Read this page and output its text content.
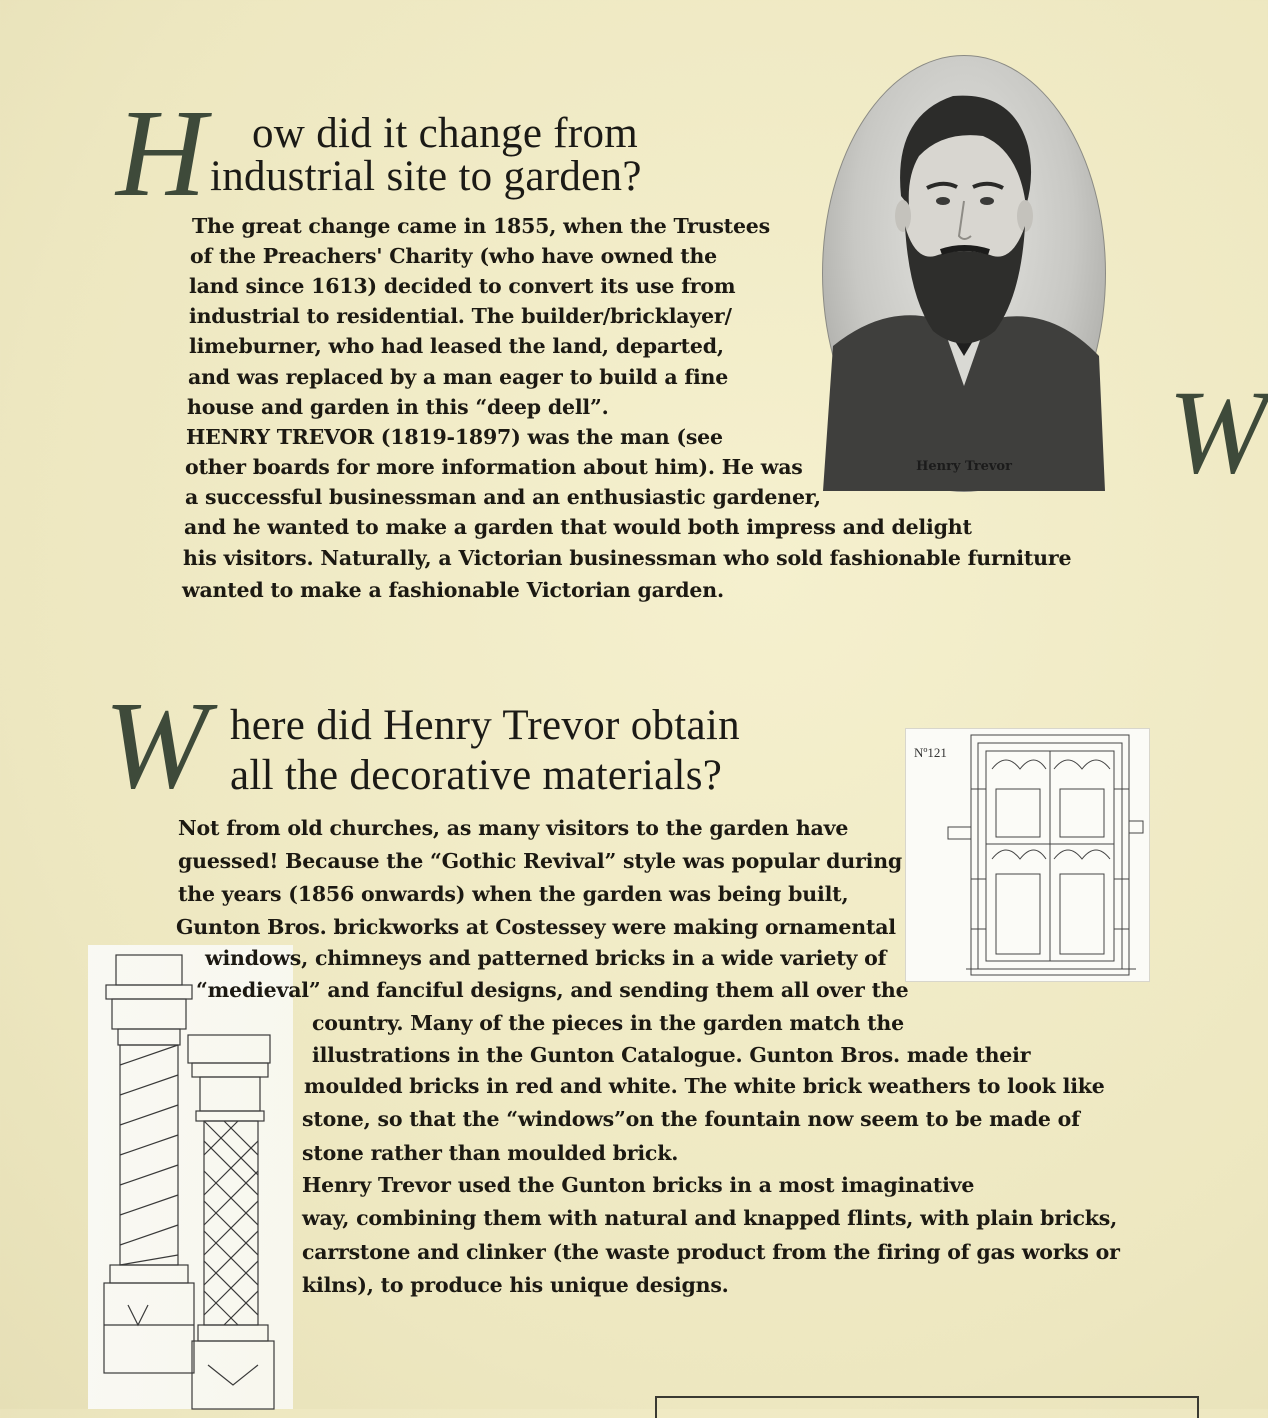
H ow did it change from
industrial site to garden?
The great change came in 1855, when the Trustees
of the Preachers' Charity (who have owned the
land since 1613) decided to convert its use from
industrial to residential. The builder/bricklayer/
limeburner, who had leased the land, departed,
and was replaced by a man eager to build a fine
house and garden in this “deep dell”.
HENRY TREVOR (1819-1897) was the man (see
other boards for more information about him). He was
a successful businessman and an enthusiastic gardener,
and he wanted to make a garden that would both impress and delight
his visitors. Naturally, a Victorian businessman who sold fashionable furniture
wanted to make a fashionable Victorian garden.
Henry Trevor	W
W here did Henry Trevor obtain
all the decorative materials?	Nº121
Not from old churches, as many visitors to the garden have
guessed! Because the “Gothic Revival” style was popular during
the years (1856 onwards) when the garden was being built,
Gunton Bros. brickworks at Costessey were making ornamental
windows, chimneys and patterned bricks in a wide variety of
“medieval” and fanciful designs, and sending them all over the
country. Many of the pieces in the garden match the
illustrations in the Gunton Catalogue. Gunton Bros. made their
moulded bricks in red and white. The white brick weathers to look like
stone, so that the “windows”on the fountain now seem to be made of
stone rather than moulded brick.
Henry Trevor used the Gunton bricks in a most imaginative
way, combining them with natural and knapped flints, with plain bricks,
carrstone and clinker (the waste product from the firing of gas works or
kilns), to produce his unique designs.
